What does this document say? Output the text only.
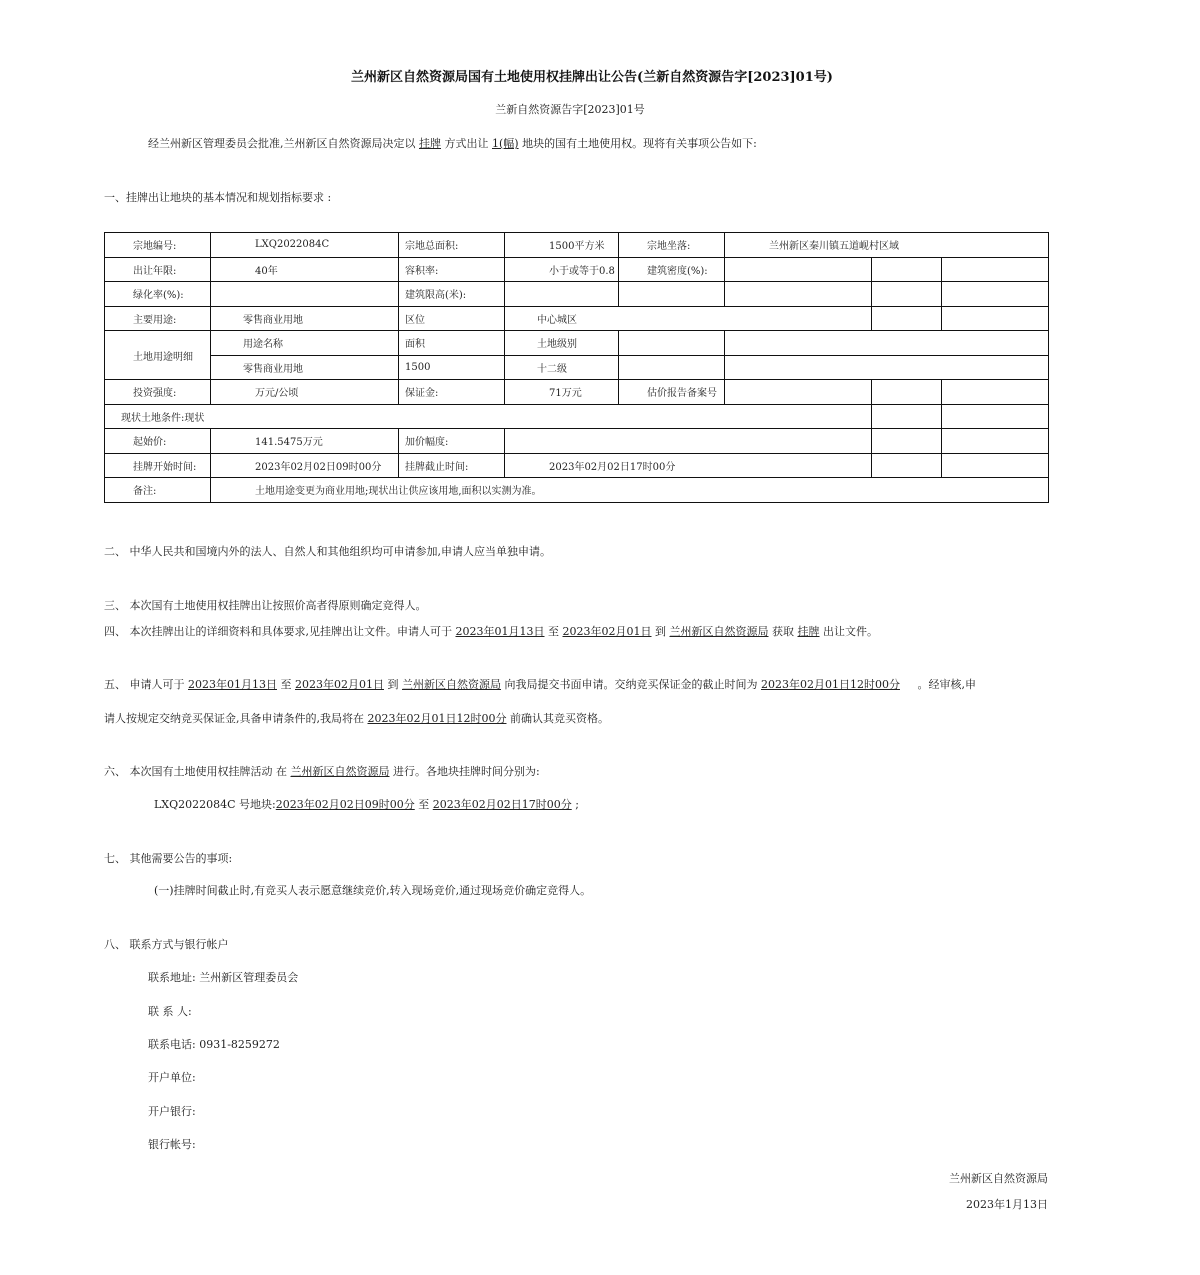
兰州新区自然资源局国有土地使用权挂牌出让公告(兰新自然资源告字[2023]01号)
兰新自然资源告字[2023]01号
经兰州新区管理委员会批准,兰州新区自然资源局决定以 挂牌 方式出让 1(幅) 地块的国有土地使用权。现将有关事项公告如下:
一、挂牌出让地块的基本情况和规划指标要求 :
宗地编号:	LXQ2022084C	宗地总面积:	1500平方米	宗地坐落:	兰州新区秦川镇五道岘村区域		
出让年限:	40年	容积率:	小于或等于0.8	建筑密度(%):			
绿化率(%):		建筑限高(米):					
主要用途:	零售商业用地	区位	中心城区				
土地用途明细	用途名称	面积	土地级别				
	零售商业用地	1500	十二级				
投资强度:	万元/公顷	保证金:	71万元	估价报告备案号			
现状土地条件:现状							
起始价:	141.5475万元	加价幅度:					
挂牌开始时间:	2023年02月02日09时00分	挂牌截止时间:	2023年02月02日17时00分				
备注:	土地用途变更为商业用地;现状出让供应该用地,面积以实测为准。						
二、 中华人民共和国境内外的法人、自然人和其他组织均可申请参加,申请人应当单独申请。
三、 本次国有土地使用权挂牌出让按照价高者得原则确定竞得人。
四、 本次挂牌出让的详细资料和具体要求,见挂牌出让文件。申请人可于 2023年01月13日 至 2023年02月01日 到 兰州新区自然资源局 获取 挂牌 出让文件。
五、 申请人可于 2023年01月13日 至 2023年02月01日 到 兰州新区自然资源局 向我局提交书面申请。交纳竞买保证金的截止时间为 2023年02月01日12时00分 。经审核,申
请人按规定交纳竞买保证金,具备申请条件的,我局将在 2023年02月01日12时00分 前确认其竞买资格。
六、 本次国有土地使用权挂牌活动 在 兰州新区自然资源局 进行。各地块挂牌时间分别为:
LXQ2022084C 号地块:2023年02月02日09时00分 至 2023年02月02日17时00分 ;
七、 其他需要公告的事项:
(一)挂牌时间截止时,有竞买人表示愿意继续竞价,转入现场竞价,通过现场竞价确定竞得人。
八、 联系方式与银行帐户
联系地址: 兰州新区管理委员会
联 系 人:
联系电话: 0931-8259272
开户单位:
开户银行:
银行帐号:
兰州新区自然资源局
2023年1月13日
